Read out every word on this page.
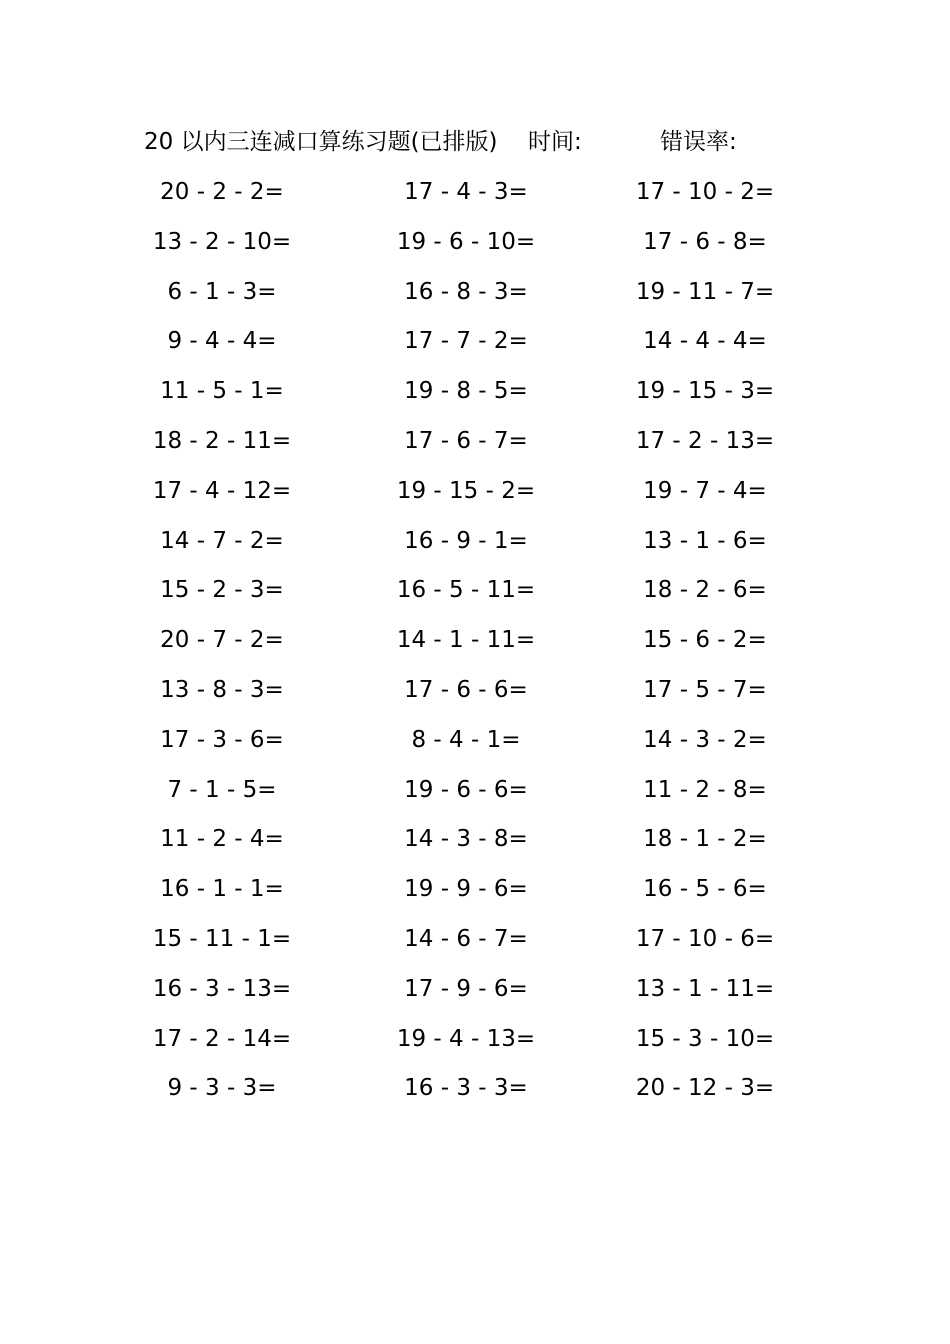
20 以内三连减口算练习题(已排版) 时间:	错误率:
20 - 2 - 2=	17 - 4 - 3=	17 - 10 - 2=
13 - 2 - 10=	19 - 6 - 10=	17 - 6 - 8=
6 - 1 - 3=	16 - 8 - 3=	19 - 11 - 7=
9 - 4 - 4=	17 - 7 - 2=	14 - 4 - 4=
11 - 5 - 1=	19 - 8 - 5=	19 - 15 - 3=
18 - 2 - 11=	17 - 6 - 7=	17 - 2 - 13=
17 - 4 - 12=	19 - 15 - 2=	19 - 7 - 4=
14 - 7 - 2=	16 - 9 - 1=	13 - 1 - 6=
15 - 2 - 3=	16 - 5 - 11=	18 - 2 - 6=
20 - 7 - 2=	14 - 1 - 11=	15 - 6 - 2=
13 - 8 - 3=	17 - 6 - 6=	17 - 5 - 7=
17 - 3 - 6=	8 - 4 - 1=	14 - 3 - 2=
7 - 1 - 5=	19 - 6 - 6=	11 - 2 - 8=
11 - 2 - 4=	14 - 3 - 8=	18 - 1 - 2=
16 - 1 - 1=	19 - 9 - 6=	16 - 5 - 6=
15 - 11 - 1=	14 - 6 - 7=	17 - 10 - 6=
16 - 3 - 13=	17 - 9 - 6=	13 - 1 - 11=
17 - 2 - 14=	19 - 4 - 13=	15 - 3 - 10=
9 - 3 - 3=	16 - 3 - 3=	20 - 12 - 3=
